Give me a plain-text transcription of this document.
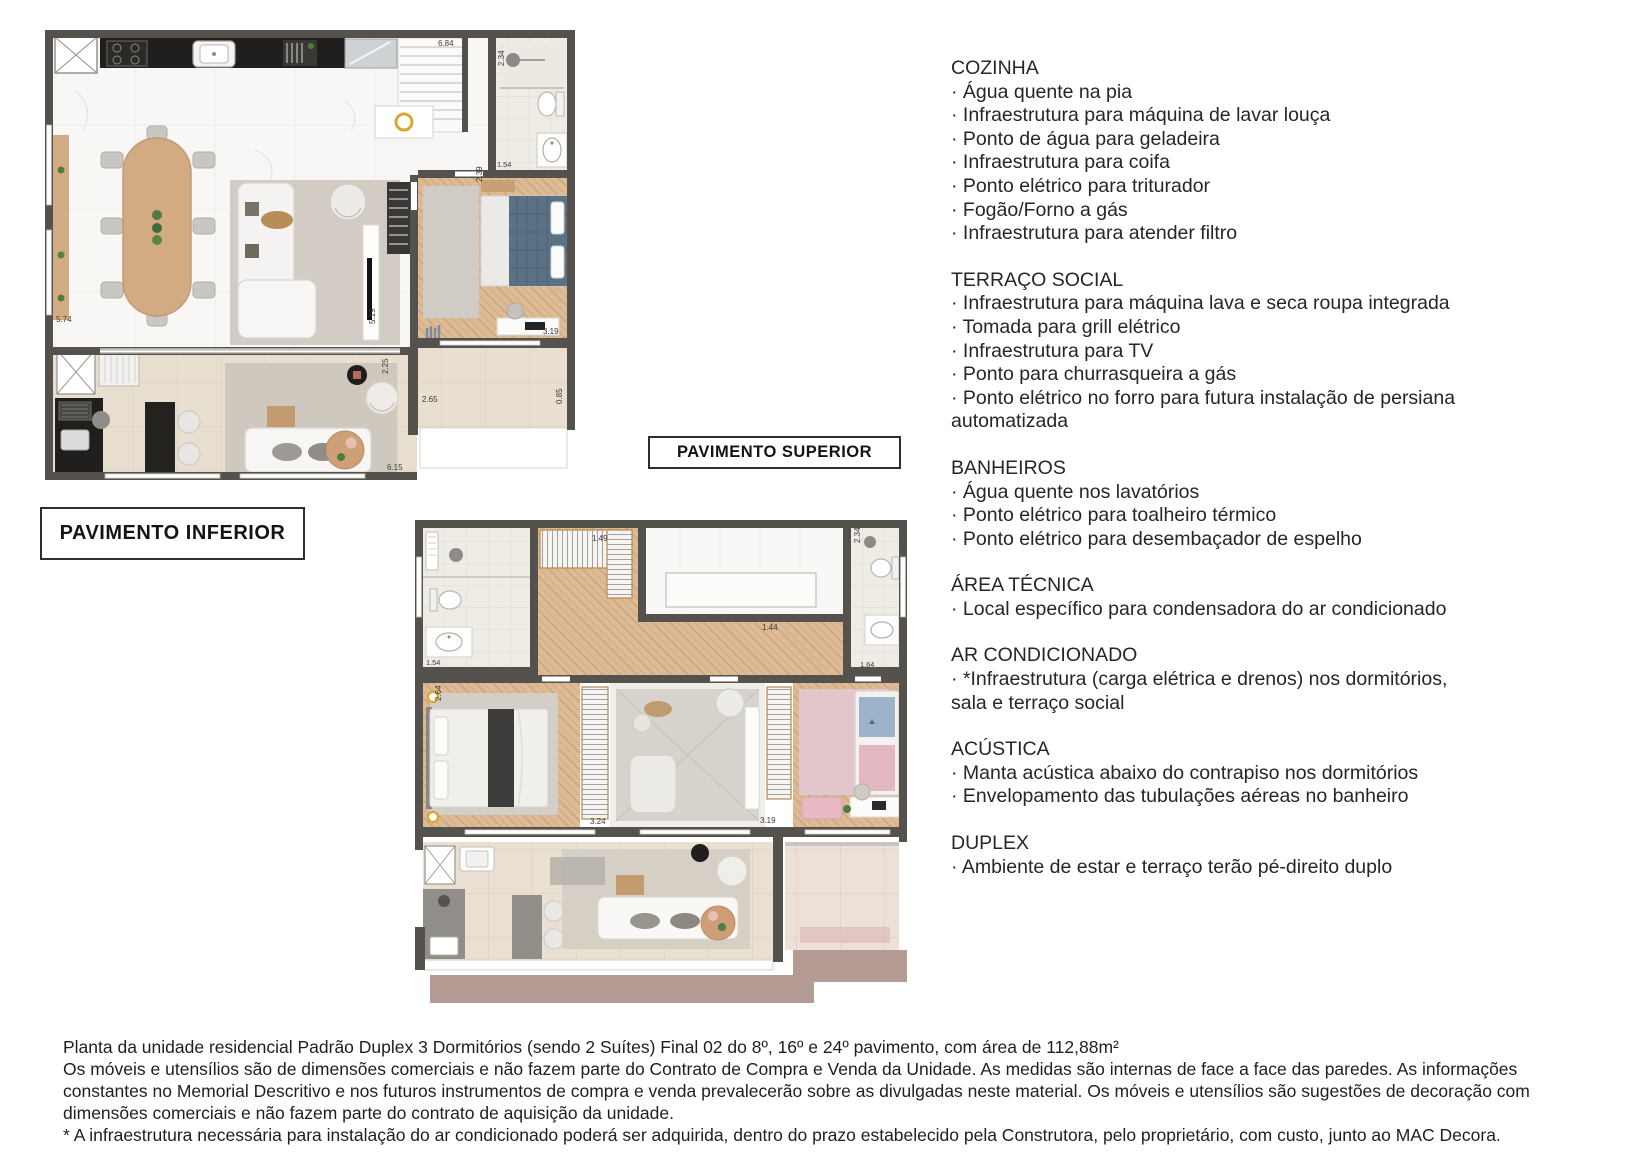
6.84
2.34
2.39
1.54
5.74	5.19
3.19
2.25
2.65	0.85
6.15
1.49	2.34
1.44
1.54	1.64
2.64
3.24	3.19
PAVIMENTO INFERIOR
PAVIMENTO SUPERIOR
COZINHA

· Água quente na pia

· Infraestrutura para máquina de lavar louça

· Ponto de água para geladeira

· Infraestrutura para coifa

· Ponto elétrico para triturador

· Fogão/Forno a gás

· Infraestrutura para atender filtro

TERRAÇO SOCIAL

· Infraestrutura para máquina lava e seca roupa integrada

· Tomada para grill elétrico

· Infraestrutura para TV

· Ponto para churrasqueira a gás

· Ponto elétrico no forro para futura instalação de persiana automatizada

BANHEIROS

· Água quente nos lavatórios

· Ponto elétrico para toalheiro térmico

· Ponto elétrico para desembaçador de espelho

ÁREA TÉCNICA

· Local específico para condensadora do ar condicionado

AR CONDICIONADO

· *Infraestrutura (carga elétrica e drenos) nos dormitórios, sala e terraço social

ACÚSTICA

· Manta acústica abaixo do contrapiso nos dormitórios

· Envelopamento das tubulações aéreas no banheiro

DUPLEX

· Ambiente de estar e terraço terão pé-direito duplo

Planta da unidade residencial Padrão Duplex 3 Dormitórios (sendo 2 Suítes) Final 02 do 8º, 16º e 24º pavimento, com área de 112,88m²

Os móveis e utensílios são de dimensões comerciais e não fazem parte do Contrato de Compra e Venda da Unidade. As medidas são internas de face a face das paredes. As informações constantes no Memorial Descritivo e nos futuros instrumentos de compra e venda prevalecerão sobre as divulgadas neste material. Os móveis e utensílios são sugestões de decoração com dimensões comerciais e não fazem parte do contrato de aquisição da unidade.

* A infraestrutura necessária para instalação do ar condicionado poderá ser adquirida, dentro do prazo estabelecido pela Construtora, pelo proprietário, com custo, junto ao MAC Decora.
